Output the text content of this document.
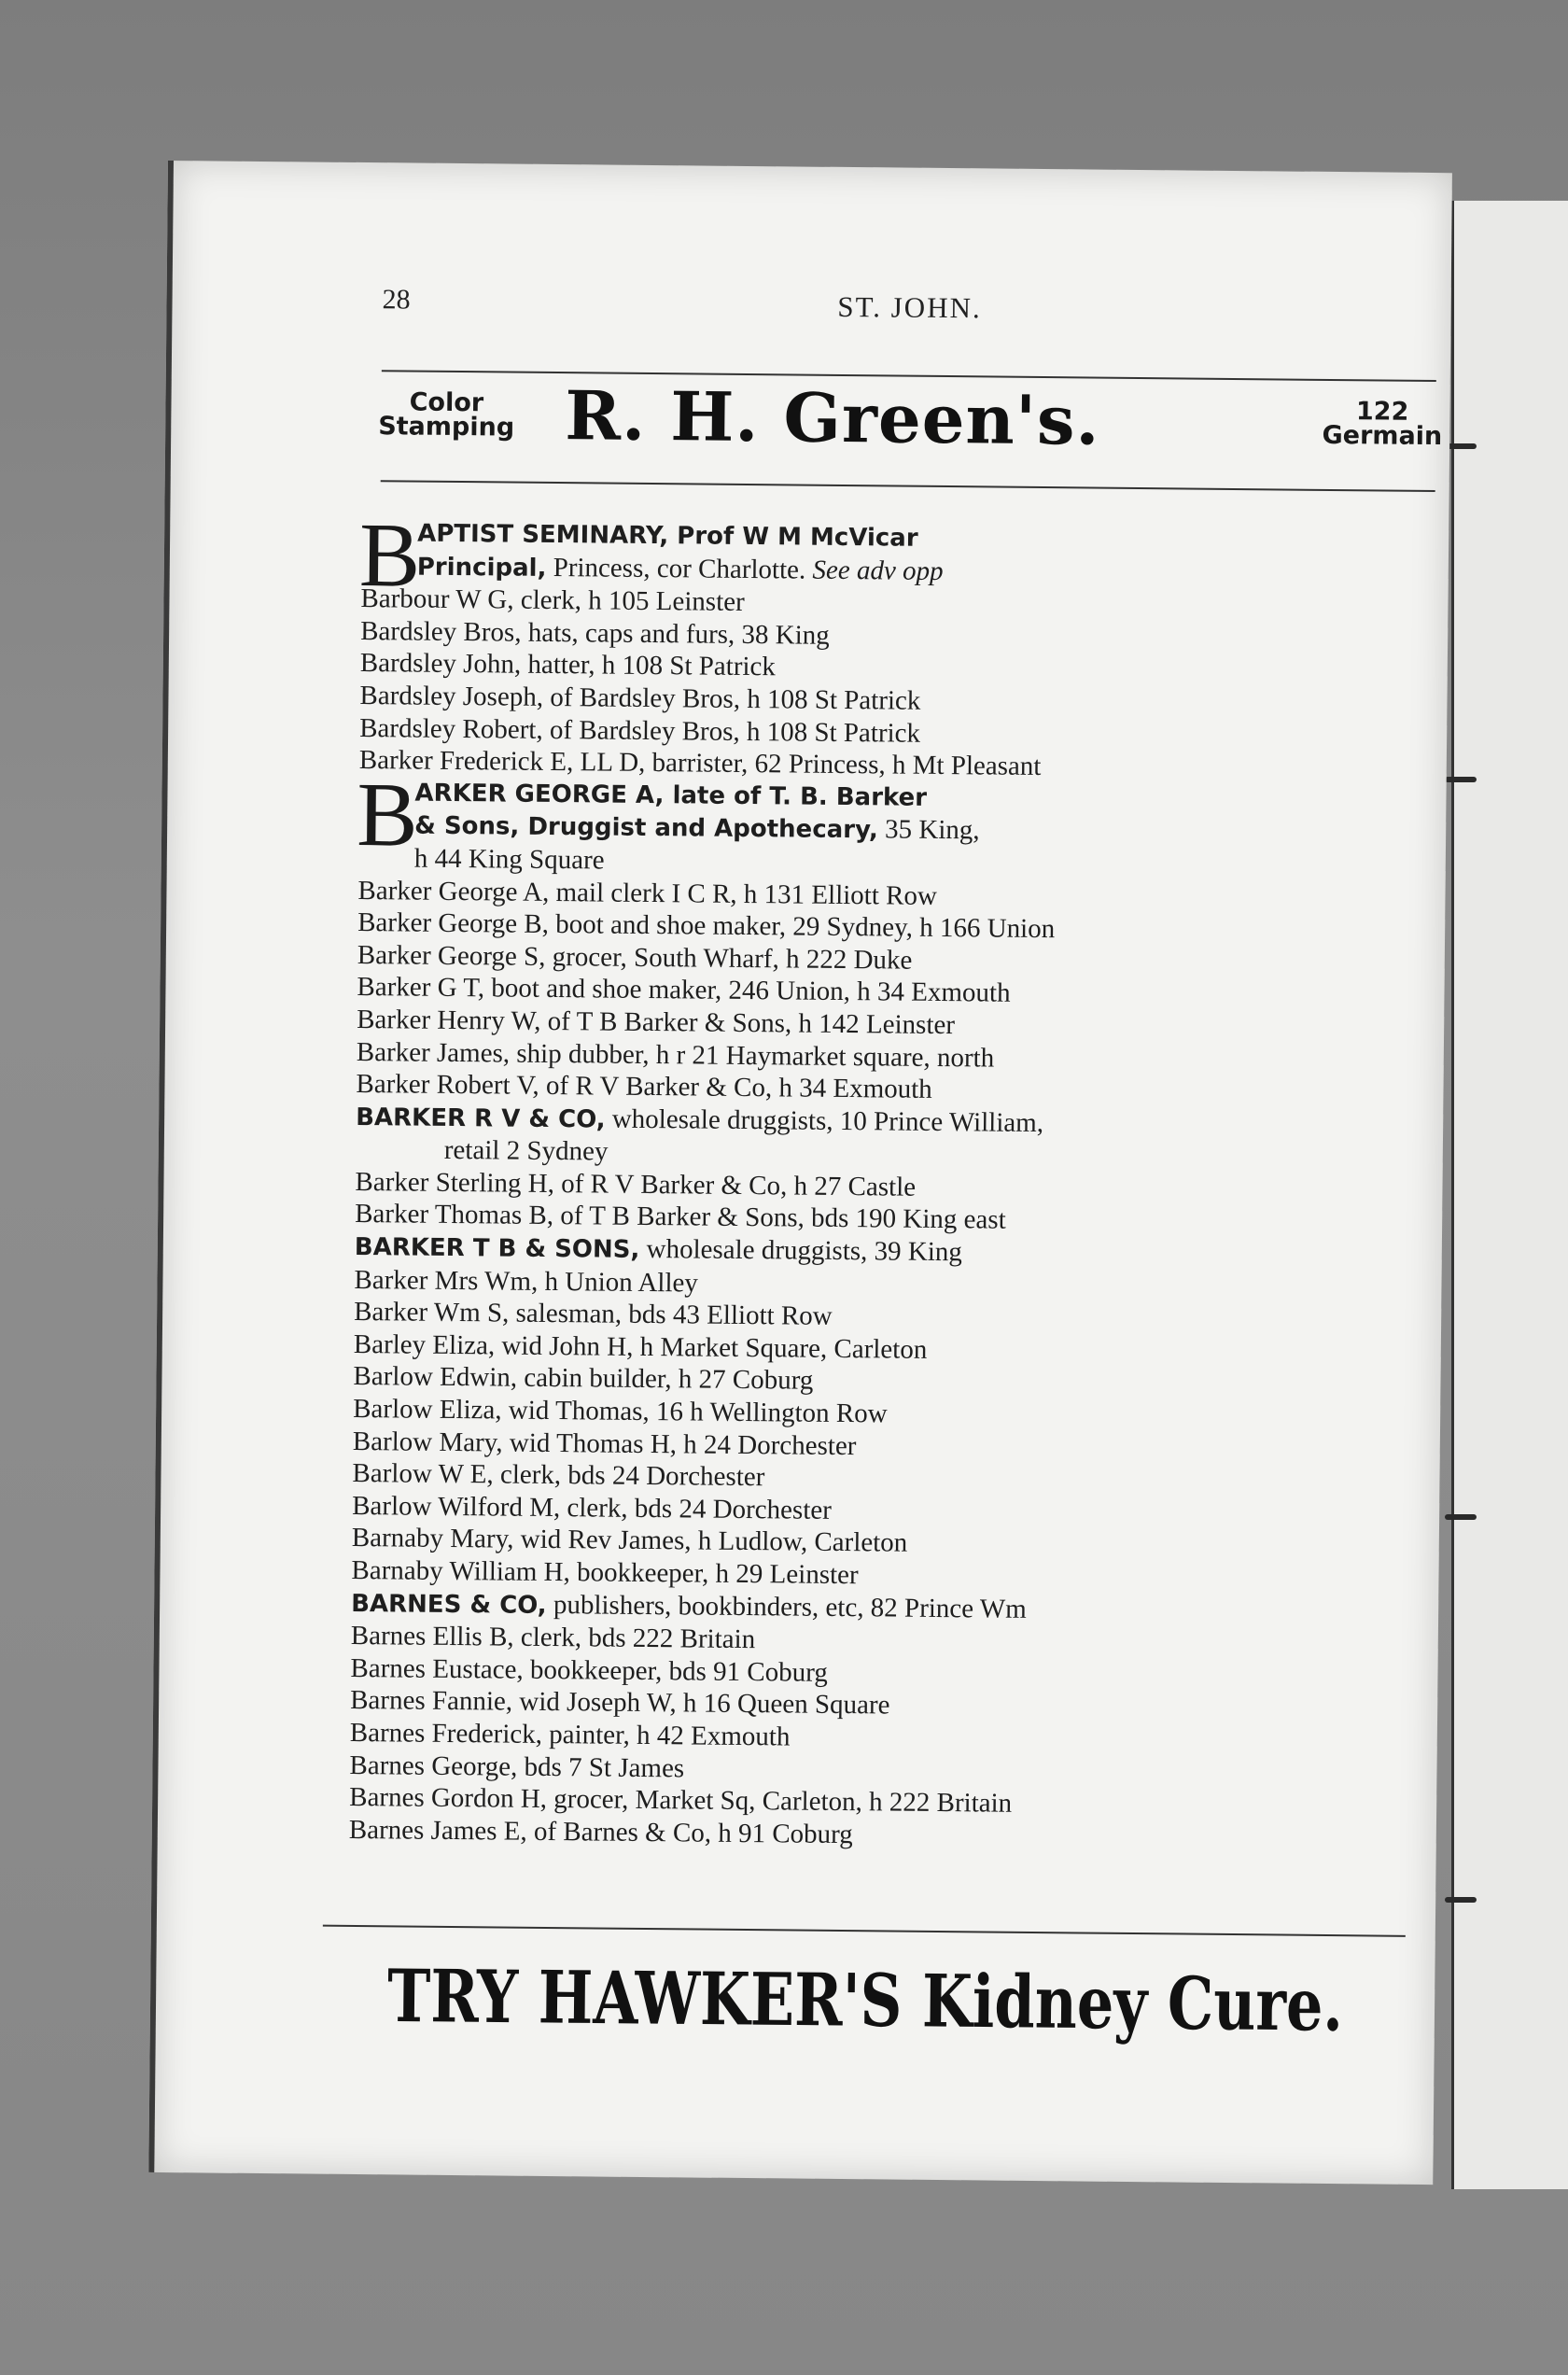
28	ST. JOHN.
Color
Stamping R. H. Green's.	122
Germain
B
APTIST SEMINARY, Prof W M McVicar
Principal, Princess, cor Charlotte. See adv opp
Barbour W G, clerk, h 105 Leinster
Bardsley Bros, hats, caps and furs, 38 King
Bardsley John, hatter, h 108 St Patrick
Bardsley Joseph, of Bardsley Bros, h 108 St Patrick
Bardsley Robert, of Bardsley Bros, h 108 St Patrick
Barker Frederick E, LL D, barrister, 62 Princess, h Mt Pleasant
B
ARKER GEORGE A, late of T. B. Barker
& Sons, Druggist and Apothecary, 35 King,
h 44 King Square
Barker George A, mail clerk I C R, h 131 Elliott Row
Barker George B, boot and shoe maker, 29 Sydney, h 166 Union
Barker George S, grocer, South Wharf, h 222 Duke
Barker G T, boot and shoe maker, 246 Union, h 34 Exmouth
Barker Henry W, of T B Barker & Sons, h 142 Leinster
Barker James, ship dubber, h r 21 Haymarket square, north
Barker Robert V, of R V Barker & Co, h 34 Exmouth
BARKER R V & CO, wholesale druggists, 10 Prince William,
retail 2 Sydney
Barker Sterling H, of R V Barker & Co, h 27 Castle
Barker Thomas B, of T B Barker & Sons, bds 190 King east
BARKER T B & SONS, wholesale druggists, 39 King
Barker Mrs Wm, h Union Alley
Barker Wm S, salesman, bds 43 Elliott Row
Barley Eliza, wid John H, h Market Square, Carleton
Barlow Edwin, cabin builder, h 27 Coburg
Barlow Eliza, wid Thomas, 16 h Wellington Row
Barlow Mary, wid Thomas H, h 24 Dorchester
Barlow W E, clerk, bds 24 Dorchester
Barlow Wilford M, clerk, bds 24 Dorchester
Barnaby Mary, wid Rev James, h Ludlow, Carleton
Barnaby William H, bookkeeper, h 29 Leinster
BARNES & CO, publishers, bookbinders, etc, 82 Prince Wm
Barnes Ellis B, clerk, bds 222 Britain
Barnes Eustace, bookkeeper, bds 91 Coburg
Barnes Fannie, wid Joseph W, h 16 Queen Square
Barnes Frederick, painter, h 42 Exmouth
Barnes George, bds 7 St James
Barnes Gordon H, grocer, Market Sq, Carleton, h 222 Britain
Barnes James E, of Barnes & Co, h 91 Coburg
TRY HAWKER'S Kidney Cure.
